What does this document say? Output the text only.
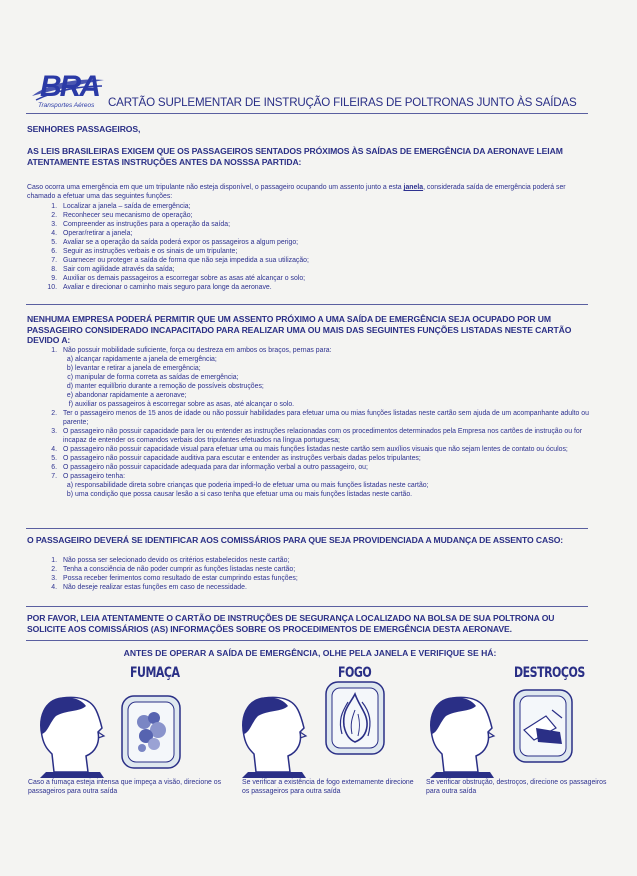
BRA
Transportes Aéreos CARTÃO SUPLEMENTAR DE INSTRUÇÃO FILEIRAS DE POLTRONAS JUNTO ÀS SAÍDAS
SENHORES PASSAGEIROS,
AS LEIS BRASILEIRAS EXIGEM QUE OS PASSAGEIROS SENTADOS PRÓXIMOS ÀS SAÍDAS DE EMERGÊNCIA DA AERONAVE LEIAM ATENTAMENTE ESTAS INSTRUÇÕES ANTES DA NOSSSA PARTIDA:
Caso ocorra uma emergência em que um tripulante não esteja disponível, o passageiro ocupando um assento junto a esta janela, considerada saída de emergência poderá ser chamado a efetuar uma das seguintes funções:
1. Localizar a janela – saída de emergência;
2. Reconhecer seu mecanismo de operação;
3. Compreender as instruções para a operação da saída;
4. Operar/retirar a janela;
5. Avaliar se a operação da saída poderá expor os passageiros a algum perigo;
6. Seguir as instruções verbais e os sinais de um tripulante;
7. Guarnecer ou proteger a saída de forma que não seja impedida a sua utilização;
8. Sair com agilidade através da saída;
9. Auxiliar os demais passageiros a escorregar sobre as asas até alcançar o solo;
10. Avaliar e direcionar o caminho mais seguro para longe da aeronave.
NENHUMA EMPRESA PODERÁ PERMITIR QUE UM ASSENTO PRÓXIMO A UMA SAÍDA DE EMERGÊNCIA SEJA OCUPADO POR UM PASSAGEIRO CONSIDERADO INCAPACITADO PARA REALIZAR UMA OU MAIS DAS SEGUINTES FUNÇÕES LISTADAS NESTE CARTÃO DEVIDO A:
1. Não possuir mobilidade suficiente, força ou destreza em ambos os braços, pernas para:
a) alcançar rapidamente a janela de emergência;
b) levantar e retirar a janela de emergência;
c) manipular de forma correta as saídas de emergência;
d) manter equilíbrio durante a remoção de possíveis obstruções;
e) abandonar rapidamente a aeronave;
f) auxiliar os passageiros à escorregar sobre as asas, até alcançar o solo.
2. Ter o passageiro menos de 15 anos de idade ou não possuir habilidades para efetuar uma ou mias funções listadas neste cartão sem ajuda de um acompanhante adulto ou parente;
3. O passageiro não possuir capacidade para ler ou entender as instruções relacionadas com os procedimentos determinados pela Empresa nos cartões de instrução ou for incapaz de entender os comandos verbais dos tripulantes efetuados na língua portuguesa;
4. O passageiro não possuir capacidade visual para efetuar uma ou mais funções listadas neste cartão sem auxílios visuais que não sejam lentes de contato ou óculos;
5. O passageiro não possuir capacidade auditiva para escutar e entender as instruções verbais dadas pelos tripulantes;
6. O passageiro não possuir capacidade adequada para dar informação verbal a outro passageiro, ou;
7. O passageiro tenha:
a) responsabilidade direta sobre crianças que poderia impedi-lo de efetuar uma ou mais funções listadas neste cartão;
b) uma condição que possa causar lesão a si caso tenha que efetuar uma ou mais funções listadas neste cartão.
O PASSAGEIRO DEVERÁ SE IDENTIFICAR AOS COMISSÁRIOS PARA QUE SEJA PROVIDENCIADA A MUDANÇA DE ASSENTO CASO:
1. Não possa ser selecionado devido os critérios estabelecidos neste cartão;
2. Tenha a consciência de não poder cumprir as funções listadas neste cartão;
3. Possa receber ferimentos como resultado de estar cumprindo estas funções;
4. Não deseje realizar estas funções em caso de necessidade.
POR FAVOR, LEIA ATENTAMENTE O CARTÃO DE INSTRUÇÕES DE SEGURANÇA LOCALIZADO NA BOLSA DE SUA POLTRONA OU SOLICITE AOS COMISSÁRIOS (AS) INFORMAÇÕES SOBRE OS PROCEDIMENTOS DE EMERGÊNCIA DESTA AERONAVE.
ANTES DE OPERAR A SAÍDA DE EMERGÊNCIA, OLHE PELA JANELA E VERIFIQUE SE HÁ:
FUMAÇA
Caso a fumaça esteja intensa que impeça a visão, direcione os passageiros para outra saída
FOGO
Se verificar a existência de fogo externamente direcione os passageiros para outra saída
DESTROÇOS
Se verificar obstrução, destroços, direcione os passageiros para outra saída
